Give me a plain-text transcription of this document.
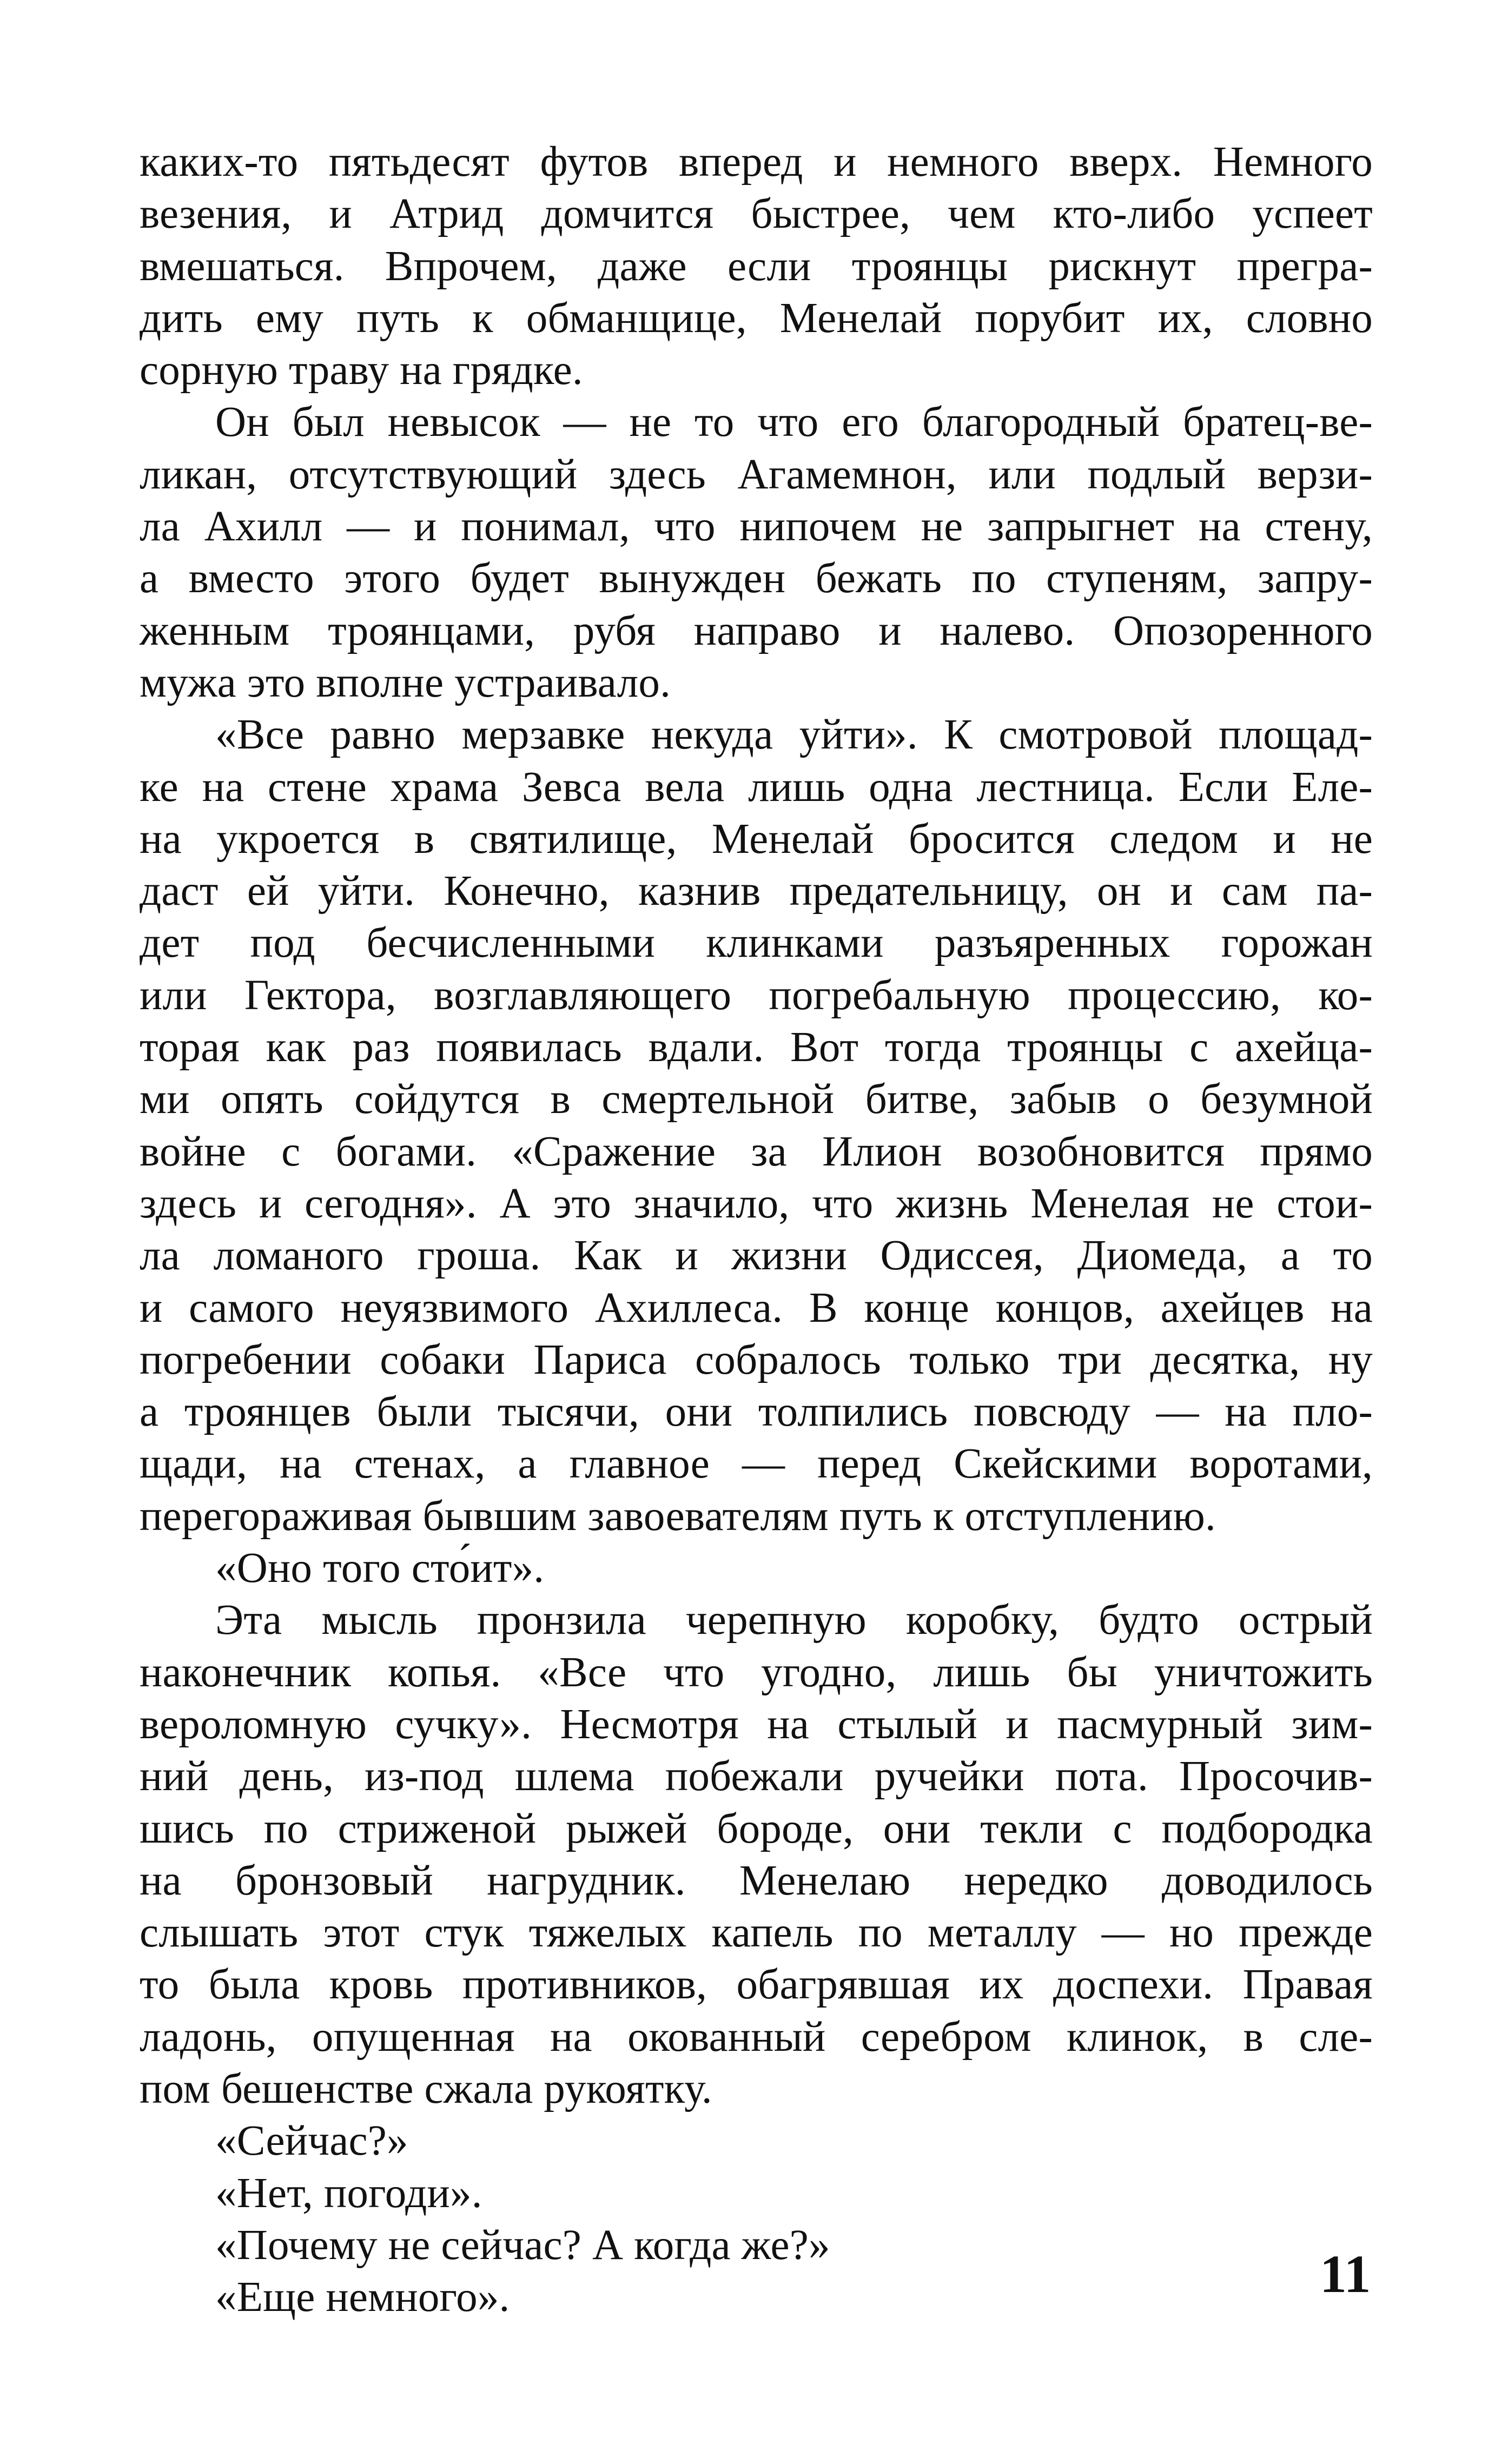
каких-то пятьдесят футов вперед и немного вверх. Немного
везения, и Атрид домчится быстрее, чем кто-либо успеет
вмешаться. Впрочем, даже если троянцы рискнут прегра-
дить ему путь к обманщице, Менелай порубит их, словно
сорную траву на грядке.
Он был невысок — не то что его благородный братец-ве-
ликан, отсутствующий здесь Агамемнон, или подлый верзи-
ла Ахилл — и понимал, что нипочем не запрыгнет на стену,
а вместо этого будет вынужден бежать по ступеням, запру-
женным троянцами, рубя направо и налево. Опозоренного
мужа это вполне устраивало.
«Все равно мерзавке некуда уйти». К смотровой площад-
ке на стене храма Зевса вела лишь одна лестница. Если Еле-
на укроется в святилище, Менелай бросится следом и не
даст ей уйти. Конечно, казнив предательницу, он и сам па-
дет под бесчисленными клинками разъяренных горожан
или Гектора, возглавляющего погребальную процессию, ко-
торая как раз появилась вдали. Вот тогда троянцы с ахейца-
ми опять сойдутся в смертельной битве, забыв о безумной
войне с богами. «Сражение за Илион возобновится прямо
здесь и сегодня». А это значило, что жизнь Менелая не стои-
ла ломаного гроша. Как и жизни Одиссея, Диомеда, а то
и самого неуязвимого Ахиллеса. В конце концов, ахейцев на
погребении собаки Париса собралось только три десятка, ну
а троянцев были тысячи, они толпились повсюду — на пло-
щади, на стенах, а главное — перед Скейскими воротами,
перегораживая бывшим завоевателям путь к отступлению.
«Оно того сто́ит».
Эта мысль пронзила черепную коробку, будто острый
наконечник копья. «Все что угодно, лишь бы уничтожить
вероломную сучку». Несмотря на стылый и пасмурный зим-
ний день, из-под шлема побежали ручейки пота. Просочив-
шись по стриженой рыжей бороде, они текли с подбородка
на бронзовый нагрудник. Менелаю нередко доводилось
слышать этот стук тяжелых капель по металлу — но прежде
то была кровь противников, обагрявшая их доспехи. Правая
ладонь, опущенная на окованный серебром клинок, в сле-
пом бешенстве сжала рукоятку.
«Сейчас?»
«Нет, погоди».
«Почему не сейчас? А когда же?»
«Еще немного».	11
